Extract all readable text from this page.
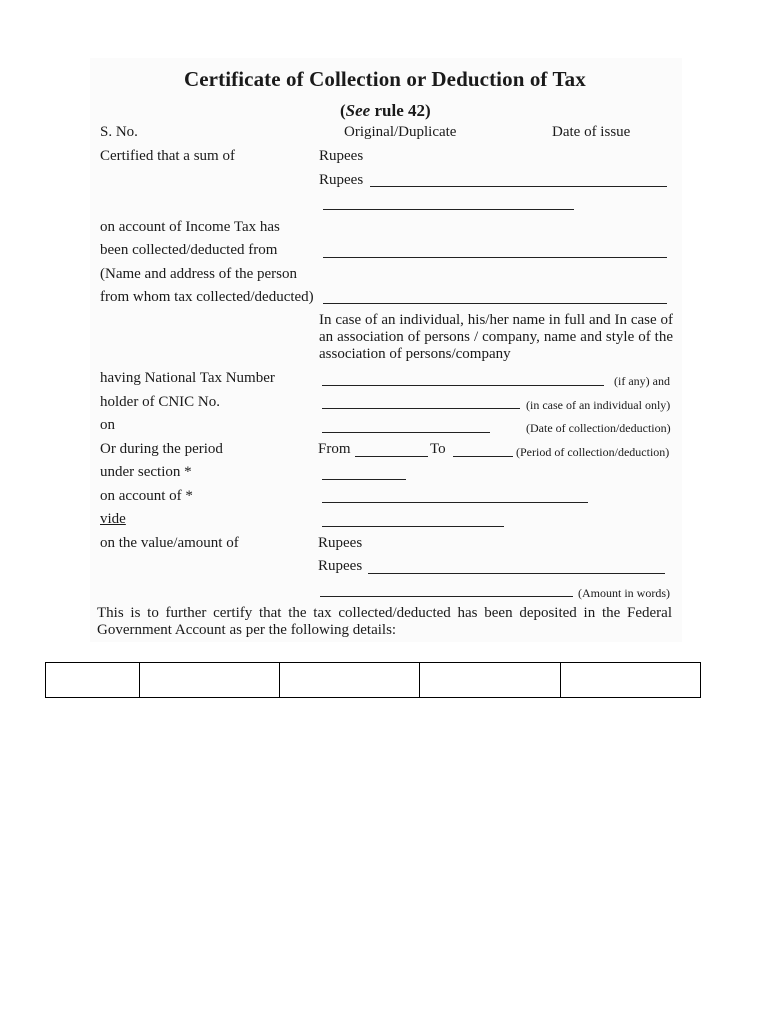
Certificate of Collection or Deduction of Tax
(See rule 42)
S. No.	Original/Duplicate	Date of issue
Certified that a sum of	Rupees
Rupees
on account of Income Tax has
been collected/deducted from
(Name and address of the person
from whom tax collected/deducted)
In case of an individual, his/her name in full and In case of an association of persons / company, name and style of the association of persons/company
having National Tax Number	(if any) and
holder of CNIC No.	(in case of an individual only)
on	(Date of collection/deduction)
Or during the period	From	To	(Period of collection/deduction)
under section *
on account of *
vide
on the value/amount of	Rupees
Rupees
(Amount in words)
This is to further certify that the tax collected/deducted has been deposited in the Federal Government Account as per the following details:
